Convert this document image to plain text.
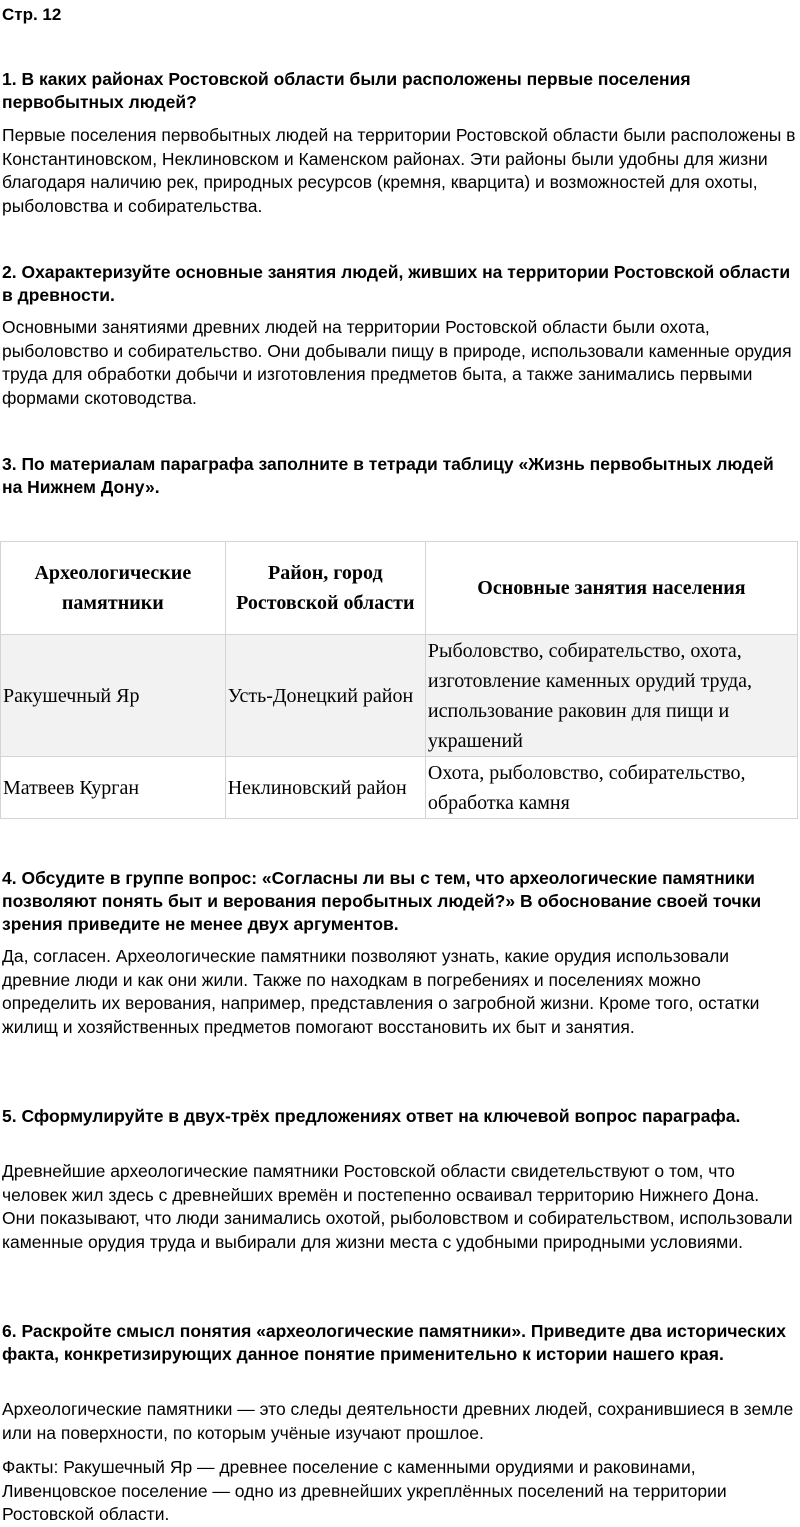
Стр. 12
1. В каких районах Ростовской области были расположены первые поселения первобытных людей?
Первые поселения первобытных людей на территории Ростовской области были расположены в Константиновском, Неклиновском и Каменском районах. Эти районы были удобны для жизни благодаря наличию рек, природных ресурсов (кремня, кварцита) и возможностей для охоты, рыболовства и собирательства.
2. Охарактеризуйте основные занятия людей, живших на территории Ростовской области в древности.
Основными занятиями древних людей на территории Ростовской области были охота, рыболовство и собирательство. Они добывали пищу в природе, использовали каменные орудия труда для обработки добычи и изготовления предметов быта, а также занимались первыми формами скотоводства.
3. По материалам параграфа заполните в тетради таблицу «Жизнь первобытных людей на Нижнем Дону».
Археологические памятники	Район, город Ростовской области	Основные занятия населения
Ракушечный Яр	Усть-Донецкий район	Рыболовство, собирательство, охота, изготовление каменных орудий труда, использование раковин для пищи и украшений
Матвеев Курган	Неклиновский район	Охота, рыболовство, собирательство, обработка камня
4. Обсудите в группе вопрос: «Согласны ли вы с тем, что археологические памятники позволяют понять быт и верования перобытных людей?» В обоснование своей точки зрения приведите не менее двух аргументов.
Да, согласен. Археологические памятники позволяют узнать, какие орудия использовали древние люди и как они жили. Также по находкам в погребениях и поселениях можно определить их верования, например, представления о загробной жизни. Кроме того, остатки жилищ и хозяйственных предметов помогают восстановить их быт и занятия.
5. Сформулируйте в двух-трёх предложениях ответ на ключевой вопрос параграфа.
Древнейшие археологические памятники Ростовской области свидетельствуют о том, что человек жил здесь с древнейших времён и постепенно осваивал территорию Нижнего Дона. Они показывают, что люди занимались охотой, рыболовством и собирательством, использовали каменные орудия труда и выбирали для жизни места с удобными природными условиями.
6. Раскройте смысл понятия «археологические памятники». Приведите два исторических факта, конкретизирующих данное понятие применительно к истории нашего края.
Археологические памятники — это следы деятельности древних людей, сохранившиеся в земле или на поверхности, по которым учёные изучают прошлое.
Факты: Ракушечный Яр — древнее поселение с каменными орудиями и раковинами, Ливенцовское поселение — одно из древнейших укреплённых поселений на территории Ростовской области.
